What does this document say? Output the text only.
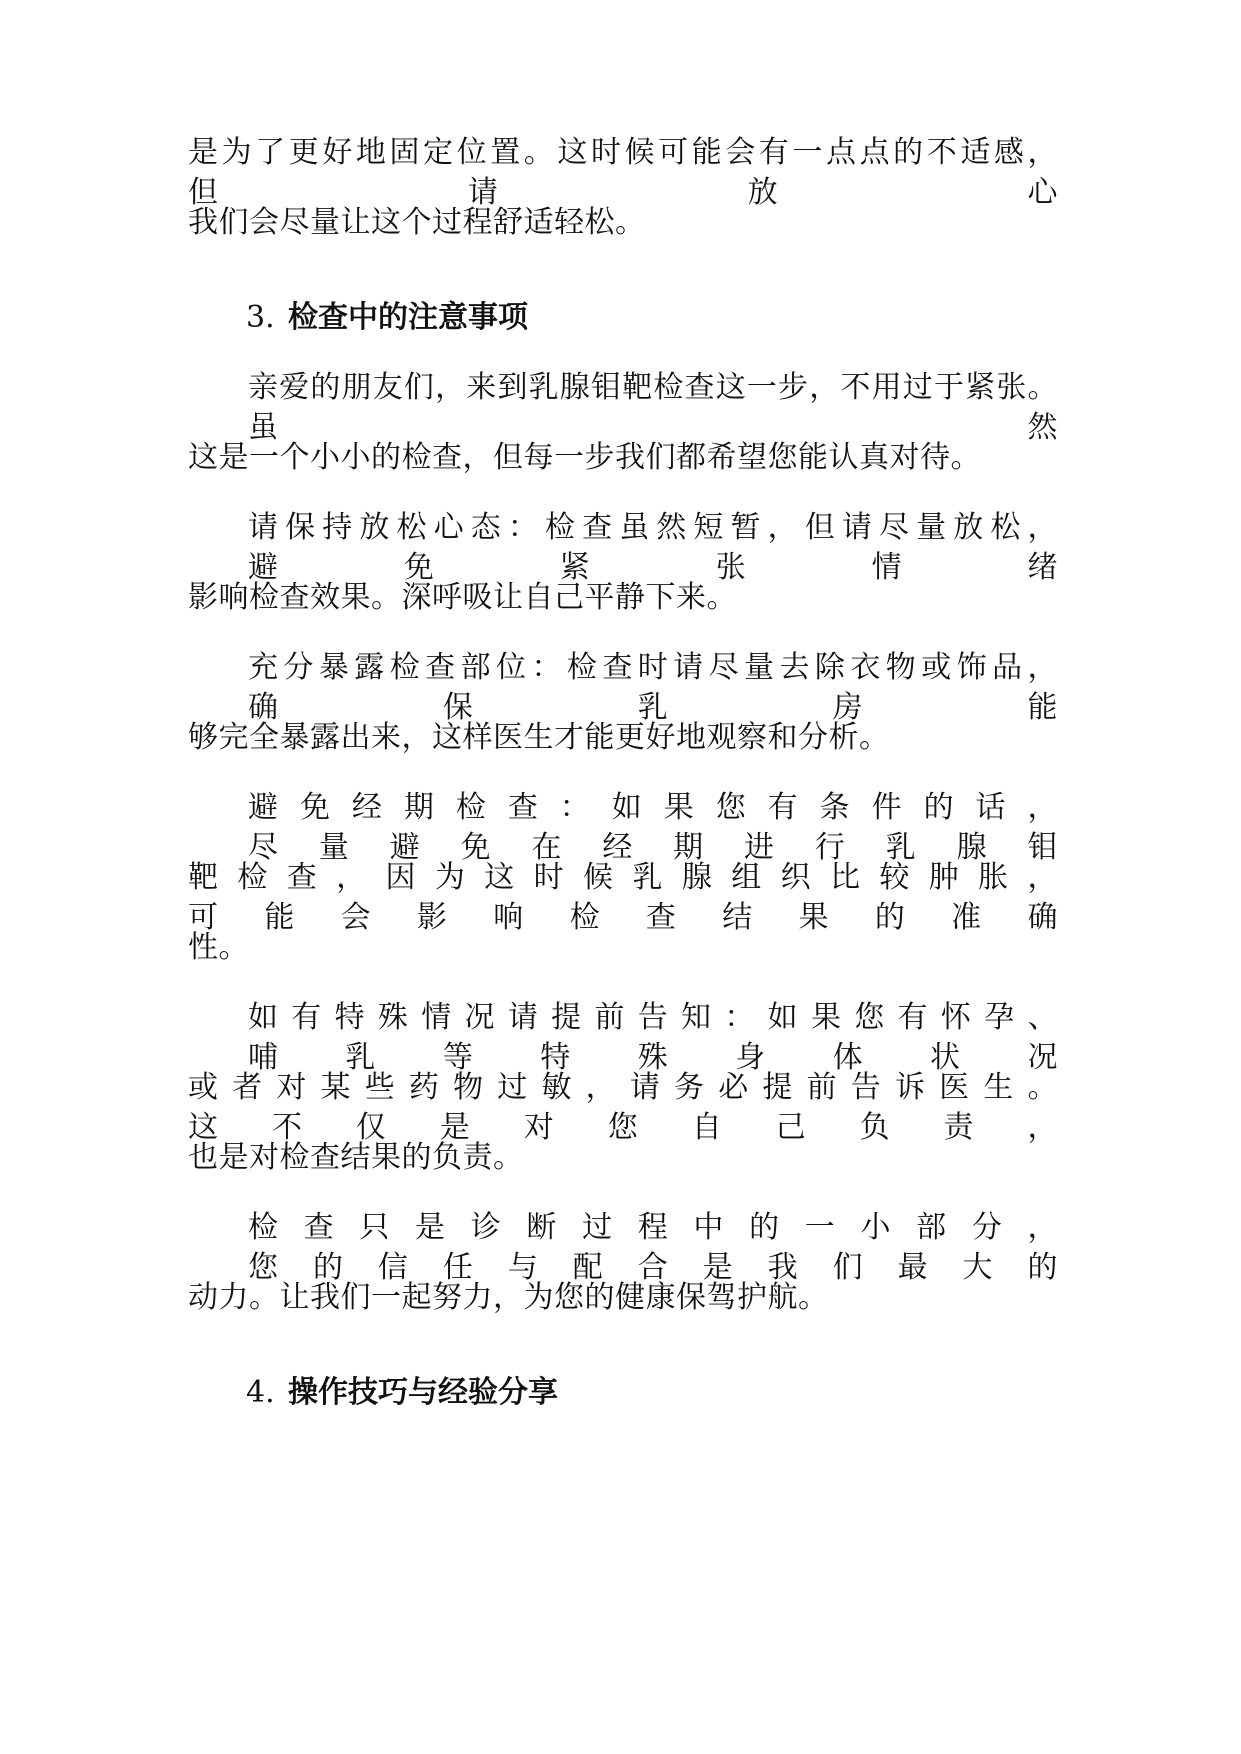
是为了更好地固定位置。这时候可能会有一点点的不适感，但请放心

我们会尽量让这个过程舒适轻松。

3. 检查中的注意事项

亲爱的朋友们，来到乳腺钼靶检查这一步，不用过于紧张。虽然

这是一个小小的检查，但每一步我们都希望您能认真对待。

请保持放松心态：检查虽然短暂，但请尽量放松，避免紧张情绪

影响检查效果。深呼吸让自己平静下来。

充分暴露检查部位：检查时请尽量去除衣物或饰品，确保乳房能

够完全暴露出来，这样医生才能更好地观察和分析。

避免经期检查：如果您有条件的话，尽量避免在经期进行乳腺钼

靶检查，因为这时候乳腺组织比较肿胀，可能会影响检查结果的准确

性。

如有特殊情况请提前告知：如果您有怀孕、哺乳等特殊身体状况

或者对某些药物过敏，请务必提前告诉医生。这不仅是对您自己负责，

也是对检查结果的负责。

检查只是诊断过程中的一小部分，您的信任与配合是我们最大的

动力。让我们一起努力，为您的健康保驾护航。

4. 操作技巧与经验分享
